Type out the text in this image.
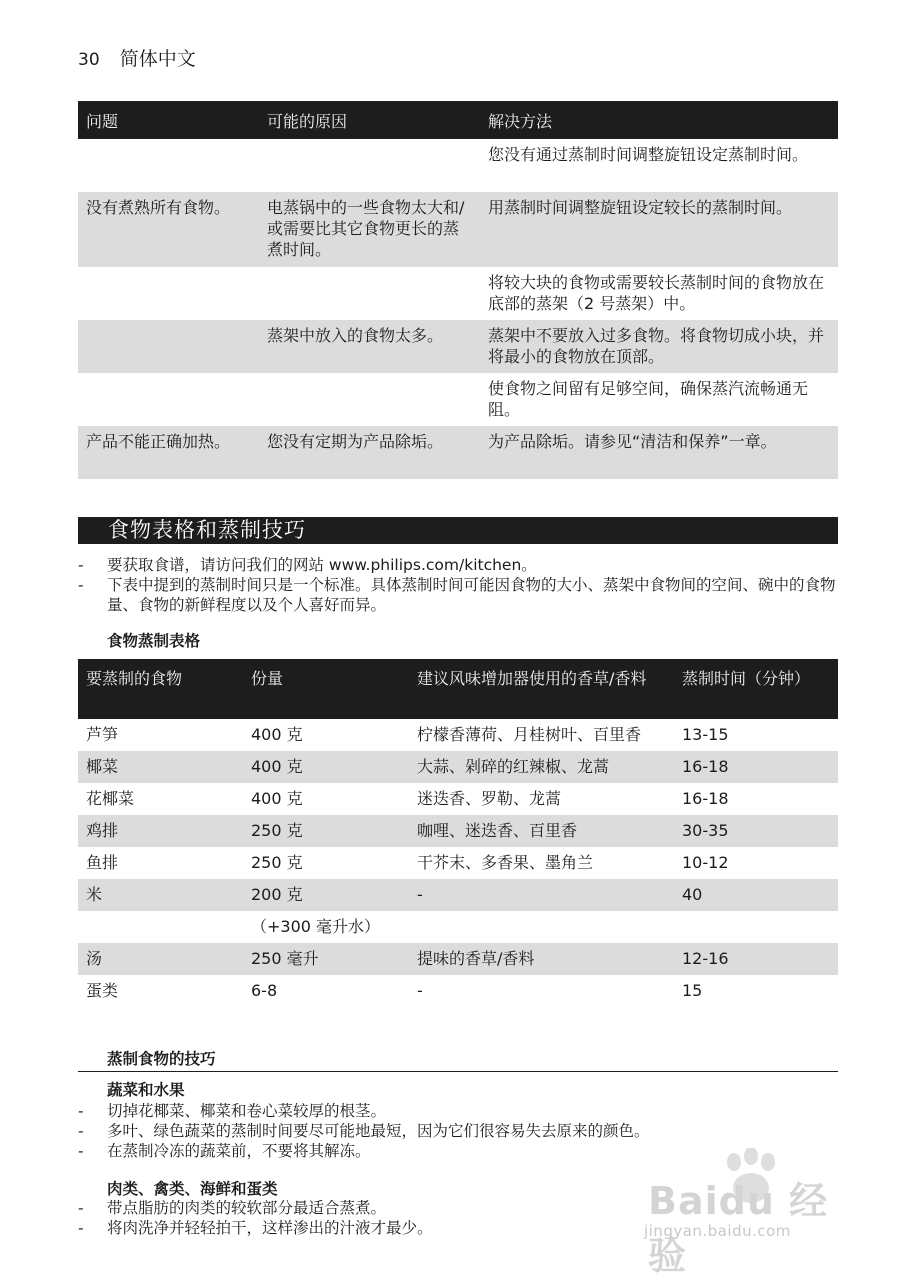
30 简体中文
问题	可能的原因	解决方法
		您没有通过蒸制时间调整旋钮设定蒸制时间。
没有煮熟所有食物。	电蒸锅中的一些食物太大和/或需要比其它食物更长的蒸煮时间。	用蒸制时间调整旋钮设定较长的蒸制时间。
		将较大块的食物或需要较长蒸制时间的食物放在底部的蒸架（2 号蒸架）中。
	蒸架中放入的食物太多。	蒸架中不要放入过多食物。将食物切成小块，并将最小的食物放在顶部。
		使食物之间留有足够空间，确保蒸汽流畅通无阻。
产品不能正确加热。	您没有定期为产品除垢。	为产品除垢。请参见“清洁和保养”一章。
食物表格和蒸制技巧
- 要获取食谱，请访问我们的网站 www.philips.com/kitchen。
- 下表中提到的蒸制时间只是一个标准。具体蒸制时间可能因食物的大小、蒸架中食物间的空间、碗中的食物量、食物的新鲜程度以及个人喜好而异。
食物蒸制表格
要蒸制的食物	份量	建议风味增加器使用的香草/香料	蒸制时间（分钟）
芦笋	400 克	柠檬香薄荷、月桂树叶、百里香	13-15
椰菜	400 克	大蒜、剁碎的红辣椒、龙蒿	16-18
花椰菜	400 克	迷迭香、罗勒、龙蒿	16-18
鸡排	250 克	咖哩、迷迭香、百里香	30-35
鱼排	250 克	干芥末、多香果、墨角兰	10-12
米	200 克	-	40
	（+300 毫升水）		
汤	250 毫升	提味的香草/香料	12-16
蛋类	6-8	-	15
蒸制食物的技巧
蔬菜和水果
- 切掉花椰菜、椰菜和卷心菜较厚的根茎。
- 多叶、绿色蔬菜的蒸制时间要尽可能地最短，因为它们很容易失去原来的颜色。
- 在蒸制冷冻的蔬菜前，不要将其解冻。
肉类、禽类、海鲜和蛋类
- 带点脂肪的肉类的较软部分最适合蒸煮。
- 将肉洗净并轻轻拍干，这样渗出的汁液才最少。
Baidu 经验
jingyan.baidu.com
